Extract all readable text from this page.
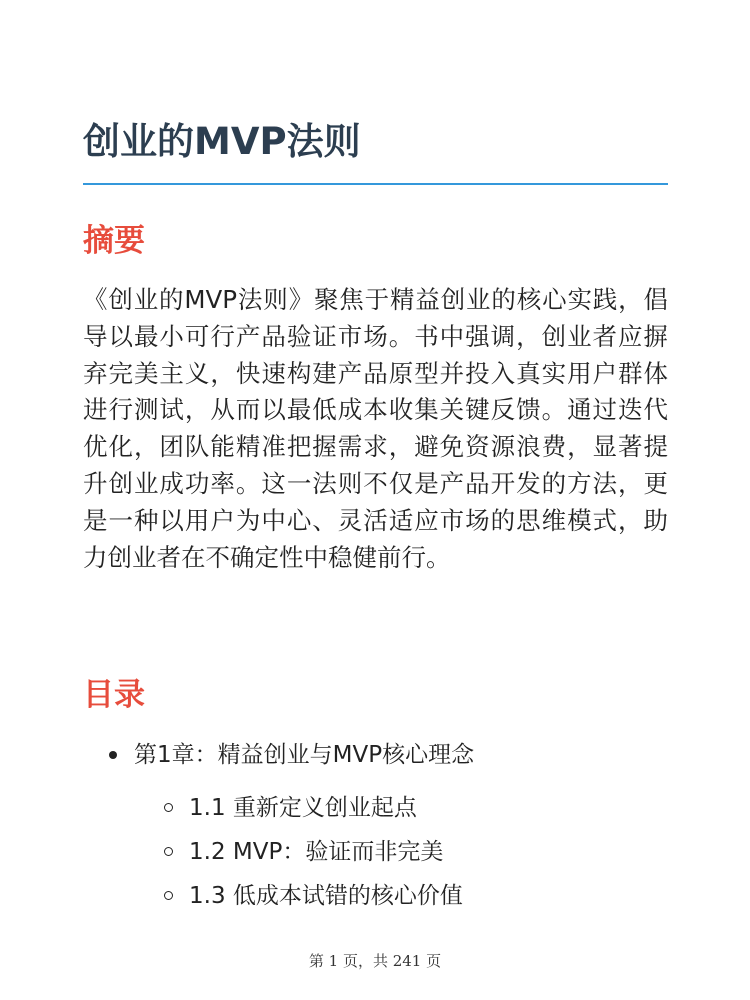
创业的MVP法则
摘要

《创业的MVP法则》聚焦于精益创业的核心实践，倡导以最小可行产品验证市场。书中强调，创业者应摒弃完美主义，快速构建产品原型并投入真实用户群体进行测试，从而以最低成本收集关键反馈。通过迭代优化，团队能精准把握需求，避免资源浪费，显著提升创业成功率。这一法则不仅是产品开发的方法，更是一种以用户为中心、灵活适应市场的思维模式，助力创业者在不确定性中稳健前行。

目录
第1章：精益创业与MVP核心理念
1.1 重新定义创业起点
1.2 MVP：验证而非完美
1.3 低成本试错的核心价值
第 1 页，共 241 页
